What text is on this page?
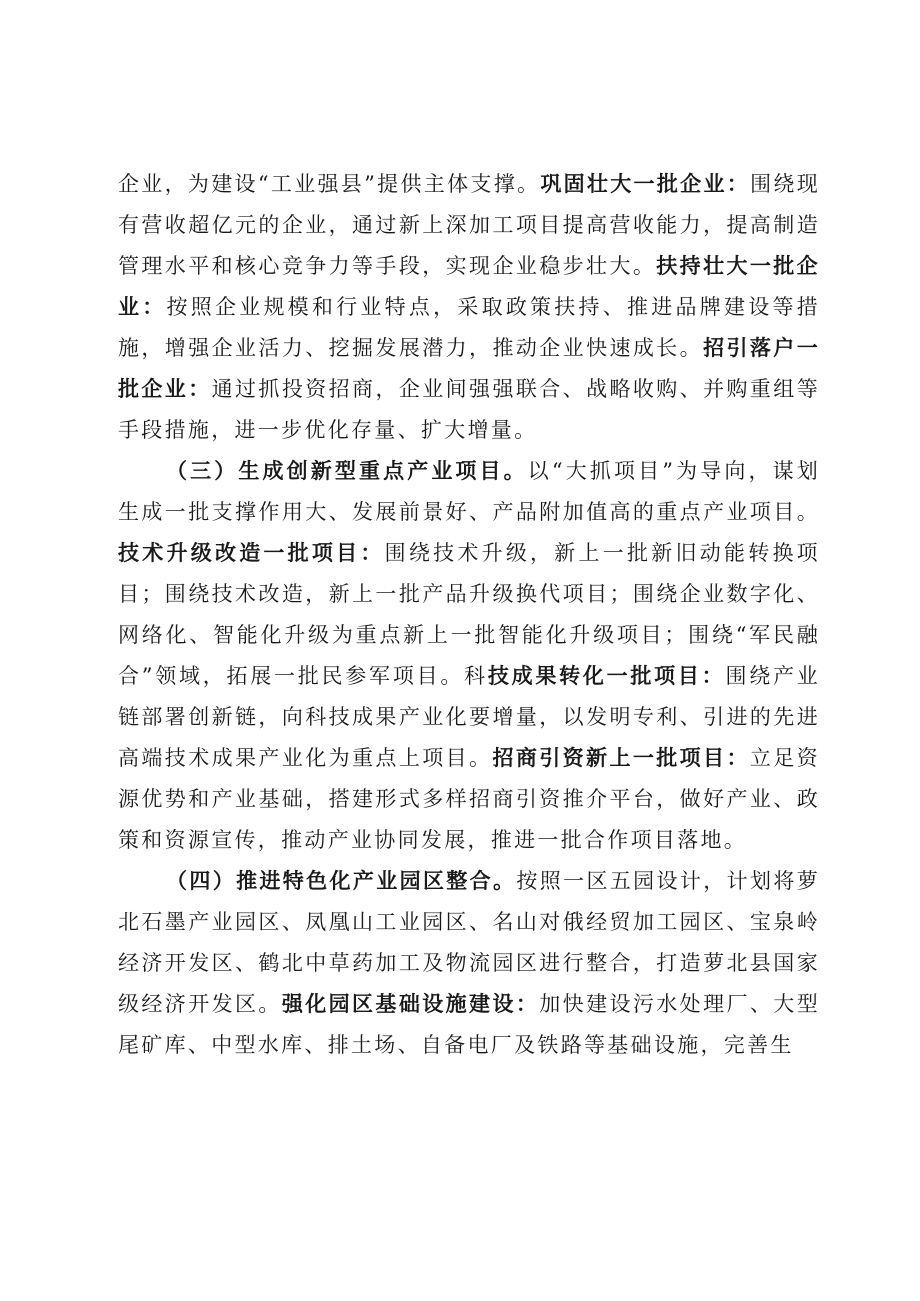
企业，为建设“工业强县”提供主体支撑。巩固壮大一批企业：围绕现有营收超亿元的企业，通过新上深加工项目提高营收能力，提高制造管理水平和核心竞争力等手段，实现企业稳步壮大。扶持壮大一批企业：按照企业规模和行业特点，采取政策扶持、推进品牌建设等措施，增强企业活力、挖掘发展潜力，推动企业快速成长。招引落户一批企业：通过抓投资招商，企业间强强联合、战略收购、并购重组等手段措施，进一步优化存量、扩大增量。

（三）生成创新型重点产业项目。以“大抓项目”为导向，谋划生成一批支撑作用大、发展前景好、产品附加值高的重点产业项目。技术升级改造一批项目：围绕技术升级，新上一批新旧动能转换项目；围绕技术改造，新上一批产品升级换代项目；围绕企业数字化、网络化、智能化升级为重点新上一批智能化升级项目；围绕“军民融合”领域，拓展一批民参军项目。科技成果转化一批项目：围绕产业链部署创新链，向科技成果产业化要增量，以发明专利、引进的先进高端技术成果产业化为重点上项目。招商引资新上一批项目：立足资源优势和产业基础，搭建形式多样招商引资推介平台，做好产业、政策和资源宣传，推动产业协同发展，推进一批合作项目落地。

（四）推进特色化产业园区整合。按照一区五园设计，计划将萝北石墨产业园区、凤凰山工业园区、名山对俄经贸加工园区、宝泉岭经济开发区、鹤北中草药加工及物流园区进行整合，打造萝北县国家级经济开发区。强化园区基础设施建设：加快建设污水处理厂、大型尾矿库、中型水库、排土场、自备电厂及铁路等基础设施，完善生
